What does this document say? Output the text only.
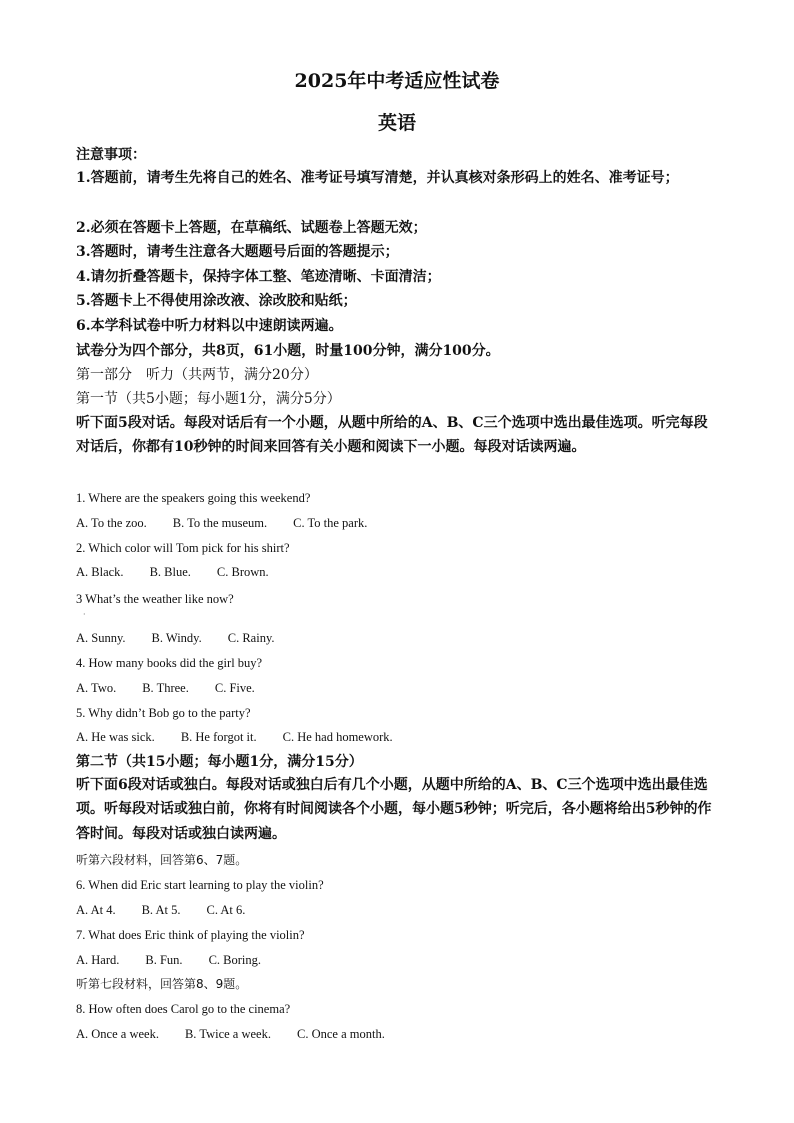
2025年中考适应性试卷
英语
注意事项：
1.答题前，请考生先将自己的姓名、准考证号填写清楚，并认真核对条形码上的姓名、准考证号；
2.必须在答题卡上答题，在草稿纸、试题卷上答题无效；
3.答题时，请考生注意各大题题号后面的答题提示；
4.请勿折叠答题卡，保持字体工整、笔迹清晰、卡面清洁；
5.答题卡上不得使用涂改液、涂改胶和贴纸；
6.本学科试卷中听力材料以中速朗读两遍。
试卷分为四个部分，共8页，61小题，时量100分钟，满分100分。
第一部分　听力（共两节，满分20分）
第一节（共5小题；每小题1分，满分5分）
听下面5段对话。每段对话后有一个小题，从题中所给的A、B、C三个选项中选出最佳选项。听完每段对话后，你都有10秒钟的时间来回答有关小题和阅读下一小题。每段对话读两遍。
1. Where are the speakers going this weekend?
A. To the zoo. B. To the museum. C. To the park.
2. Which color will Tom pick for his shirt?
A. Black. B. Blue. C. Brown.
3 What’s the weather like now?
·
A. Sunny. B. Windy. C. Rainy.
4. How many books did the girl buy?
A. Two. B. Three. C. Five.
5. Why didn’t Bob go to the party?
A. He was sick. B. He forgot it. C. He had homework.
第二节（共15小题；每小题1分，满分15分）
听下面6段对话或独白。每段对话或独白后有几个小题，从题中所给的A、B、C三个选项中选出最佳选项。听每段对话或独白前，你将有时间阅读各个小题，每小题5秒钟；听完后，各小题将给出5秒钟的作答时间。每段对话或独白读两遍。
听第六段材料，回答第6、7题。
6. When did Eric start learning to play the violin?
A. At 4. B. At 5. C. At 6.
7. What does Eric think of playing the violin?
A. Hard. B. Fun. C. Boring.
听第七段材料，回答第8、9题。
8. How often does Carol go to the cinema?
A. Once a week. B. Twice a week. C. Once a month.
